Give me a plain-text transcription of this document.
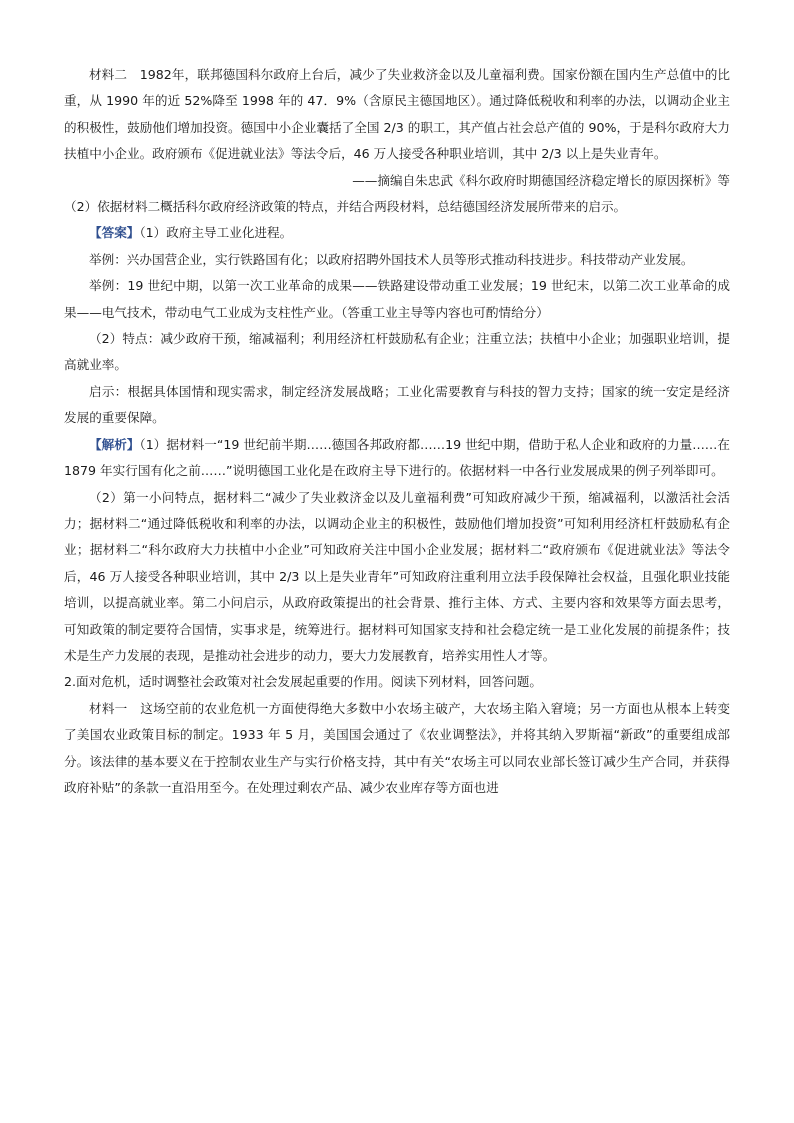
材料二　1982年，联邦德国科尔政府上台后，减少了失业救济金以及儿童福利费。国家份额在国内生产总值中的比重，从 1990 年的近 52%降至 1998 年的 47．9%（含原民主德国地区）。通过降低税收和利率的办法，以调动企业主的积极性，鼓励他们增加投资。德国中小企业囊括了全国 2/3 的职工，其产值占社会总产值的 90%，于是科尔政府大力扶植中小企业。政府颁布《促进就业法》等法令后，46 万人接受各种职业培训，其中 2/3 以上是失业青年。

——摘编自朱忠武《科尔政府时期德国经济稳定增长的原因探析》等

（2）依据材料二概括科尔政府经济政策的特点，并结合两段材料，总结德国经济发展所带来的启示。

【答案】（1）政府主导工业化进程。

举例：兴办国营企业，实行铁路国有化；以政府招聘外国技术人员等形式推动科技进步。科技带动产业发展。

举例：19 世纪中期，以第一次工业革命的成果——铁路建设带动重工业发展；19 世纪末，以第二次工业革命的成果——电气技术，带动电气工业成为支柱性产业。（答重工业主导等内容也可酌情给分）

（2）特点：减少政府干预，缩减福利；利用经济杠杆鼓励私有企业；注重立法；扶植中小企业；加强职业培训，提高就业率。

启示：根据具体国情和现实需求，制定经济发展战略；工业化需要教育与科技的智力支持；国家的统一安定是经济发展的重要保障。

【解析】（1）据材料一“19 世纪前半期……德国各邦政府都……19 世纪中期，借助于私人企业和政府的力量……在 1879 年实行国有化之前……”说明德国工业化是在政府主导下进行的。依据材料一中各行业发展成果的例子列举即可。

（2）第一小问特点，据材料二“减少了失业救济金以及儿童福利费”可知政府减少干预，缩减福利，以激活社会活力；据材料二“通过降低税收和利率的办法，以调动企业主的积极性，鼓励他们增加投资”可知利用经济杠杆鼓励私有企业；据材料二“科尔政府大力扶植中小企业”可知政府关注中国小企业发展；据材料二“政府颁布《促进就业法》等法令后，46 万人接受各种职业培训，其中 2/3 以上是失业青年”可知政府注重利用立法手段保障社会权益，且强化职业技能培训，以提高就业率。第二小问启示，从政府政策提出的社会背景、推行主体、方式、主要内容和效果等方面去思考，可知政策的制定要符合国情，实事求是，统筹进行。据材料可知国家支持和社会稳定统一是工业化发展的前提条件；技术是生产力发展的表现，是推动社会进步的动力，要大力发展教育，培养实用性人才等。

2.面对危机，适时调整社会政策对社会发展起重要的作用。阅读下列材料，回答问题。

材料一　这场空前的农业危机一方面使得绝大多数中小农场主破产，大农场主陷入窘境；另一方面也从根本上转变了美国农业政策目标的制定。1933 年 5 月，美国国会通过了《农业调整法》，并将其纳入罗斯福“新政”的重要组成部分。该法律的基本要义在于控制农业生产与实行价格支持，其中有关“农场主可以同农业部长签订减少生产合同，并获得政府补贴”的条款一直沿用至今。在处理过剩农产品、减少农业库存等方面也进
